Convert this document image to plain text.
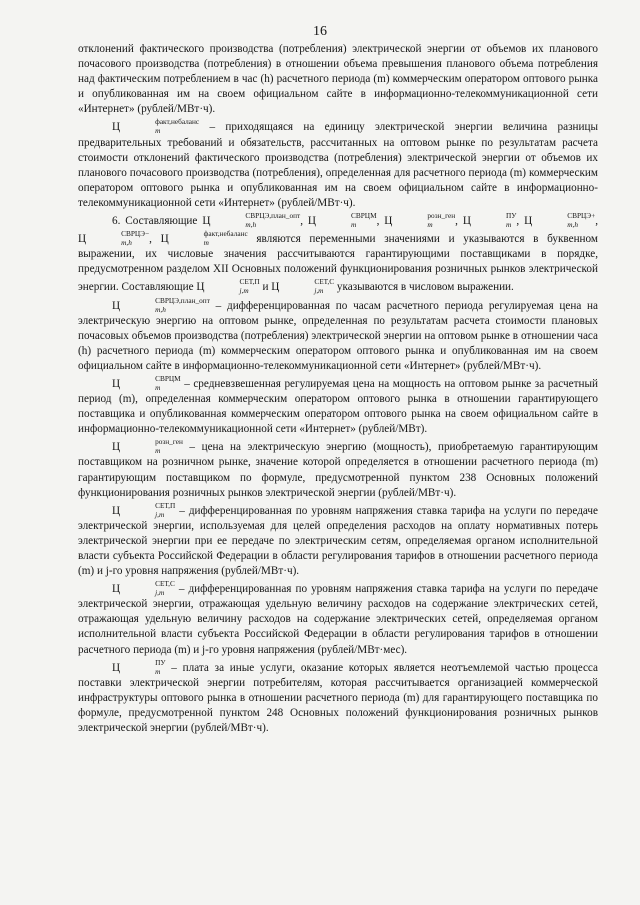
16

отклонений фактического производства (потребления) электрической энергии от объемов их планового почасового производства (потребления) в отношении объема превышения планового объема потребления над фактическим потреблением в час (h) расчетного периода (m) коммерческим оператором оптового рынка и опубликованная им на своем официальном сайте в информационно-телекоммуникационной сети «Интернет» (рублей/МВт·ч).

Ц	факт,небаланс
m	– приходящаяся на единицу электрической энергии величина разницы предварительных требований и обязательств, рассчитанных на оптовом рынке по результатам расчета стоимости отклонений фактического производства (потребления) электрической энергии от объемов их планового почасового производства (потребления), определенная для расчетного периода (m) коммерческим оператором оптового рынка и опубликованная им на своем официальном сайте в информационно-телекоммуникационной сети «Интернет» (рублей/МВт·ч).

6. Составляющие Ц	СВРЦЭ,план_опт
m,h	, Ц	СВРЦМ
m	, Ц	розн_ген
m	, Ц	ПУ
m , Ц	СВРЦЭ+
m,h	, Ц	СВРЦЭ−
m,h	, Ц	факт,небаланс
m	являются переменными значениями и указываются в буквенном выражении, их числовые значения рассчитываются гарантирующими поставщиками в порядке, предусмотренном разделом XII Основных положений функционирования розничных рынков электрической энергии. Составляющие Ц	СЕТ,П
j,m и Ц	СЕТ,С
j,m указываются в числовом выражении.

Ц	СВРЦЭ,план_опт
m,h	– дифференцированная по часам расчетного периода регулируемая цена на электрическую энергию на оптовом рынке, определенная по результатам расчета стоимости плановых почасовых объемов производства (потребления) электрической энергии на оптовом рынке в отношении часа (h) расчетного периода (m) коммерческим оператором оптового рынка и опубликованная им на своем официальном сайте в информационно-телекоммуникационной сети «Интернет» (рублей/МВт·ч).

Ц	СВРЦМ
m	– средневзвешенная регулируемая цена на мощность на оптовом рынке за расчетный период (m), определенная коммерческим оператором оптового рынка в отношении гарантирующего поставщика и опубликованная коммерческим оператором оптового рынка на своем официальном сайте в информационно-телекоммуникационной сети «Интернет» (рублей/МВт).

Ц	розн_ген
m	– цена на электрическую энергию (мощность), приобретаемую гарантирующим поставщиком на розничном рынке, значение которой определяется в отношении расчетного периода (m) гарантирующим поставщиком по формуле, предусмотренной пунктом 238 Основных положений функционирования розничных рынков электрической энергии (рублей/МВт·ч).

Ц	СЕТ,П
j,m – дифференцированная по уровням напряжения ставка тарифа на услуги по передаче электрической энергии, используемая для целей определения расходов на оплату нормативных потерь электрической энергии при ее передаче по электрическим сетям, определяемая органом исполнительной власти субъекта Российской Федерации в области регулирования тарифов в отношении расчетного периода (m) и j-го уровня напряжения (рублей/МВт·ч).

Ц	СЕТ,С
j,m – дифференцированная по уровням напряжения ставка тарифа на услуги по передаче электрической энергии, отражающая удельную величину расходов на содержание электрических сетей, отражающая удельную величину расходов на содержание электрических сетей, определяемая органом исполнительной власти субъекта Российской Федерации в области регулирования тарифов в отношении расчетного периода (m) и j-го уровня напряжения (рублей/МВт·мес).

Ц	ПУ
m – плата за иные услуги, оказание которых является неотъемлемой частью процесса поставки электрической энергии потребителям, которая рассчитывается организацией коммерческой инфраструктуры оптового рынка в отношении расчетного периода (m) для гарантирующего поставщика по формуле, предусмотренной пунктом 248 Основных положений функционирования розничных рынков электрической энергии (рублей/МВт·ч).
